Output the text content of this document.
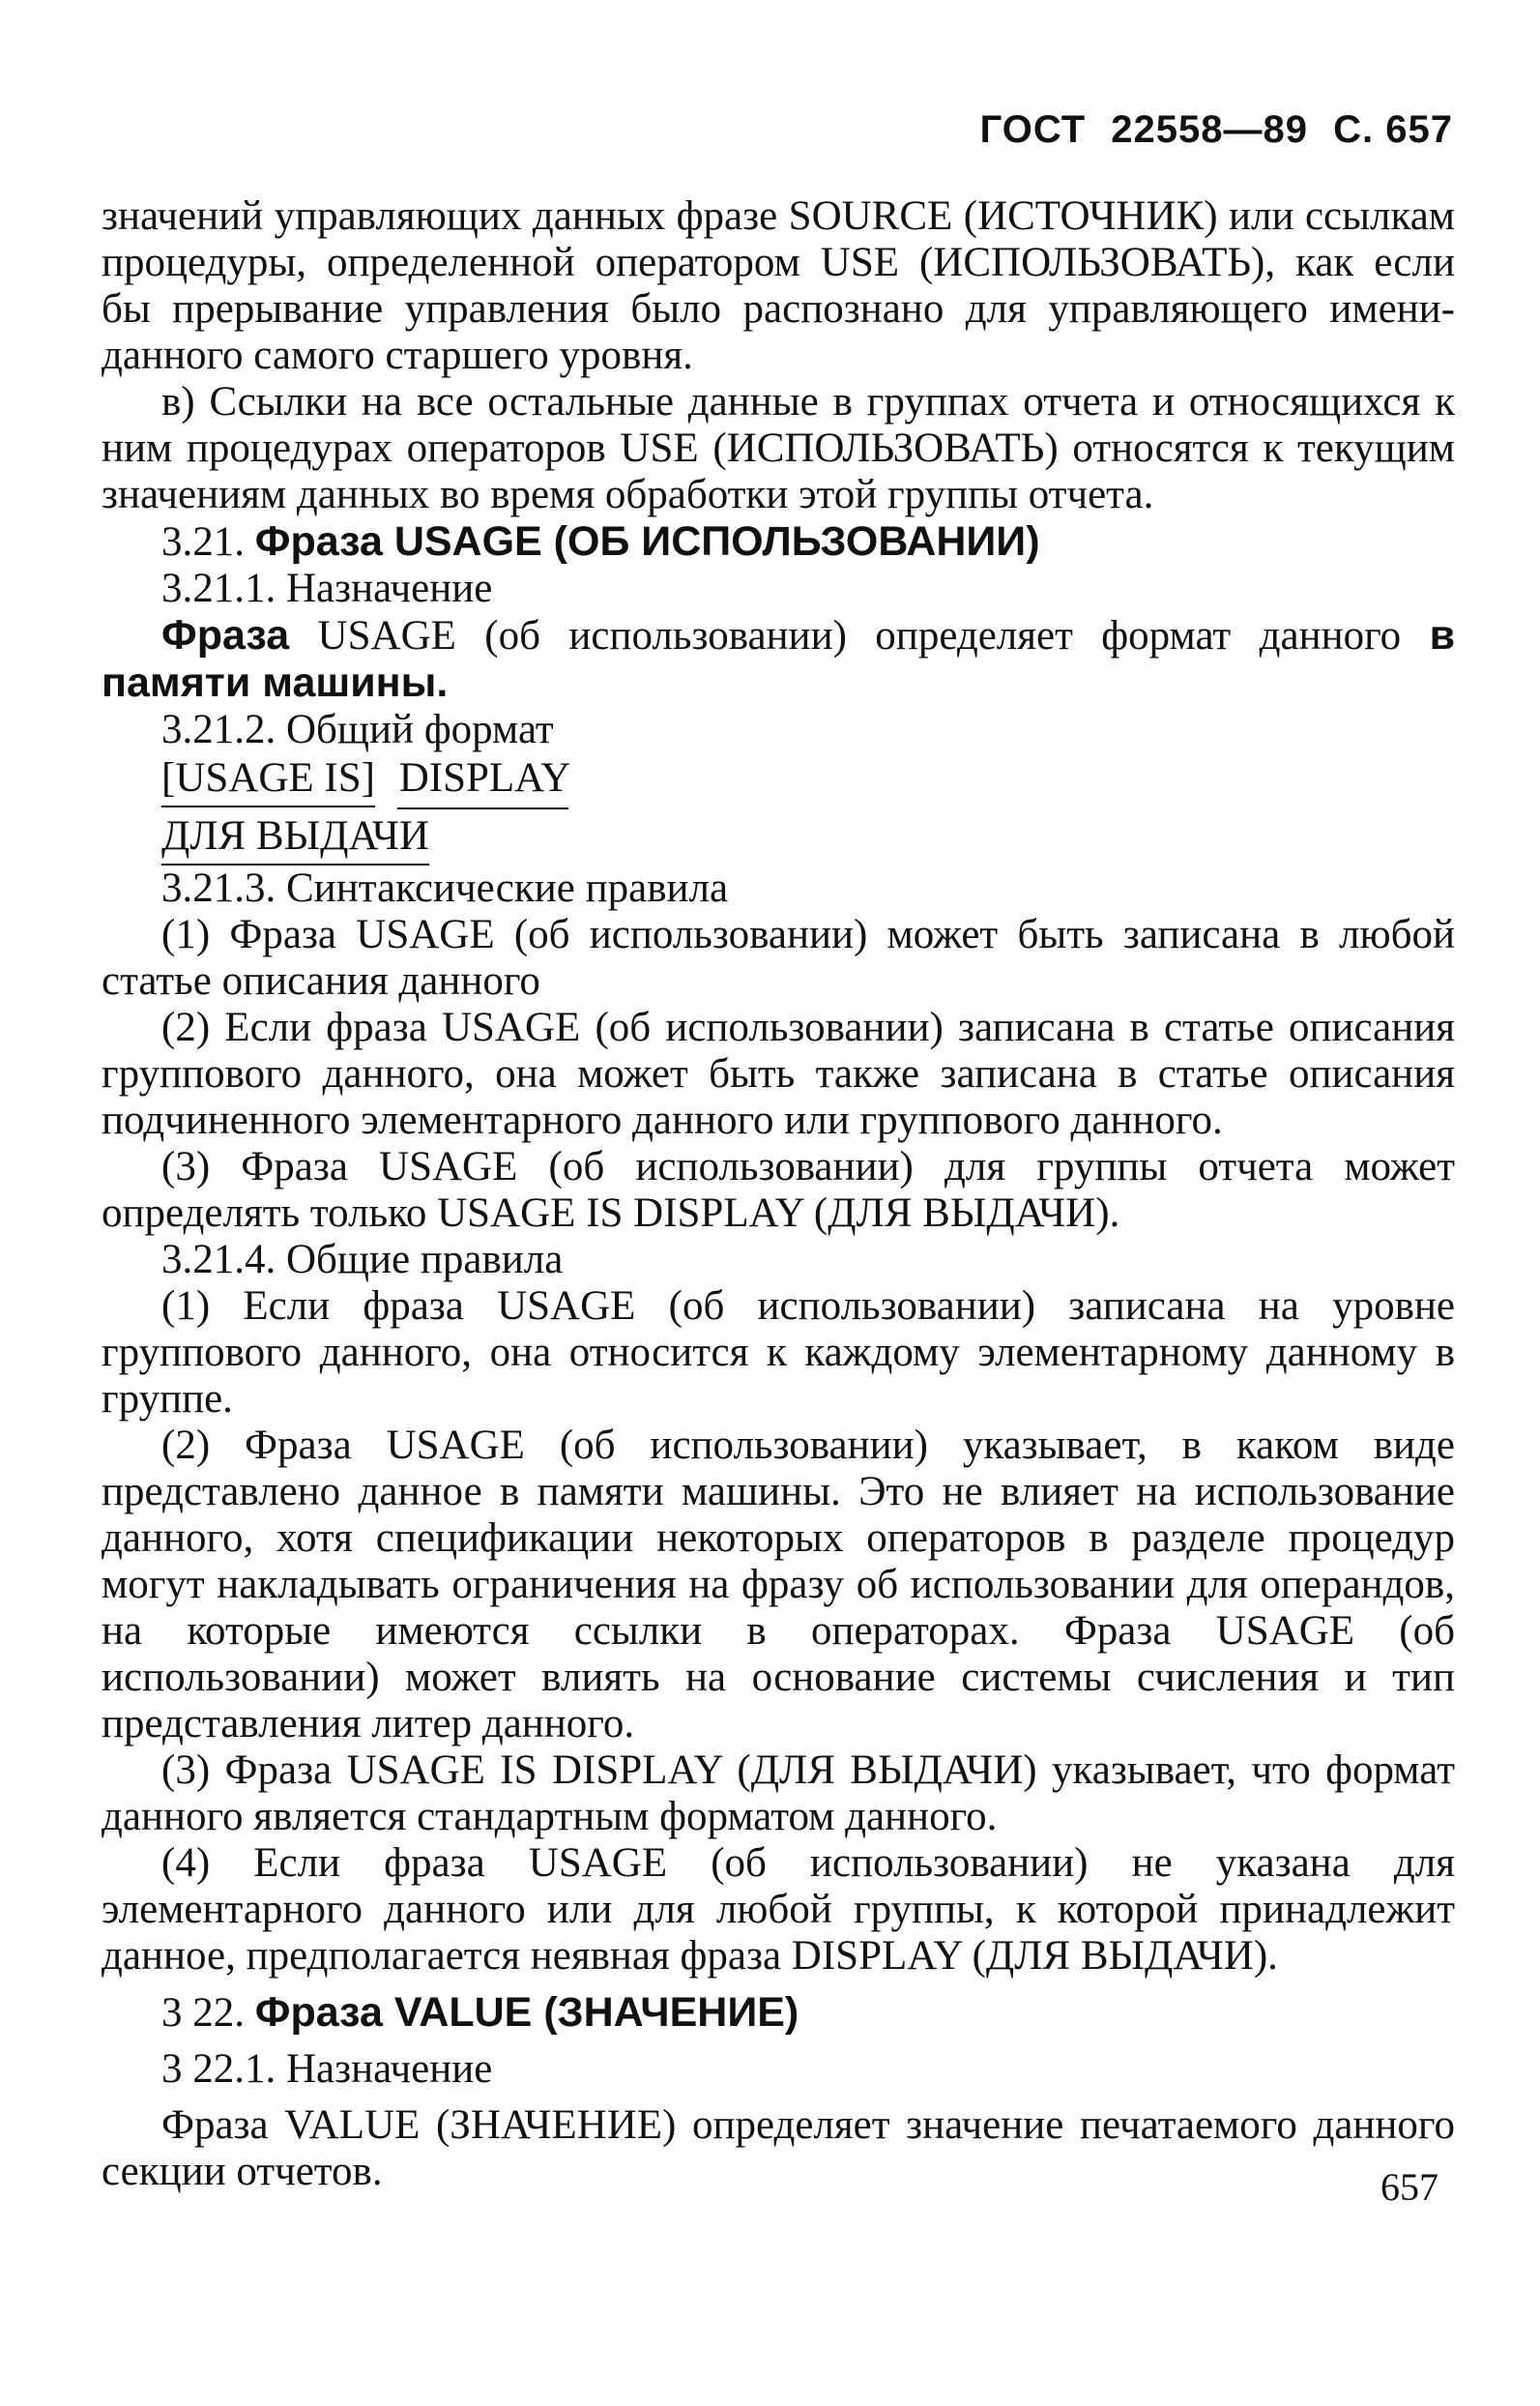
ГОСТ 22558—89 С. 657

значений управляющих данных фразе SOURCE (ИСТОЧНИК) или ссылкам процедуры, определенной оператором USE (ИСПОЛЬЗОВАТЬ), как если бы прерывание управления было распознано для управляющего имени-данного самого старшего уровня.

в) Ссылки на все остальные данные в группах отчета и относящихся к ним процедурах операторов USE (ИСПОЛЬЗОВАТЬ) относятся к текущим значениям данных во время обработки этой группы отчета.

3.21. Фраза USAGE (ОБ ИСПОЛЬЗОВАНИИ)

3.21.1. Назначение

Фраза USAGE (об использовании) определяет формат данного в памяти машины.

3.21.2. Общий формат

[USAGE IS] DISPLAY

ДЛЯ ВЫДАЧИ

3.21.3. Синтаксические правила

(1) Фраза USAGE (об использовании) может быть записана в любой статье описания данного

(2) Если фраза USAGE (об использовании) записана в статье описания группового данного, она может быть также записана в статье описания подчиненного элементарного данного или группового данного.

(3) Фраза USAGE (об использовании) для группы отчета может определять только USAGE IS DISPLAY (ДЛЯ ВЫДАЧИ).

3.21.4. Общие правила

(1) Если фраза USAGE (об использовании) записана на уровне группового данного, она относится к каждому элементарному данному в группе.

(2) Фраза USAGE (об использовании) указывает, в каком виде представлено данное в памяти машины. Это не влияет на использование данного, хотя спецификации некоторых операторов в разделе процедур могут накладывать ограничения на фразу об использовании для операндов, на которые имеются ссылки в операторах. Фраза USAGE (об использовании) может влиять на основание системы счисления и тип представления литер данного.

(3) Фраза USAGE IS DISPLAY (ДЛЯ ВЫДАЧИ) указывает, что формат данного является стандартным форматом данного.

(4) Если фраза USAGE (об использовании) не указана для элементарного данного или для любой группы, к которой принадлежит данное, предполагается неявная фраза DISPLAY (ДЛЯ ВЫДАЧИ).

3 22. Фраза VALUE (ЗНАЧЕНИЕ)

3 22.1. Назначение

Фраза VALUE (ЗНАЧЕНИЕ) определяет значение печатаемого данного секции отчетов.	657
